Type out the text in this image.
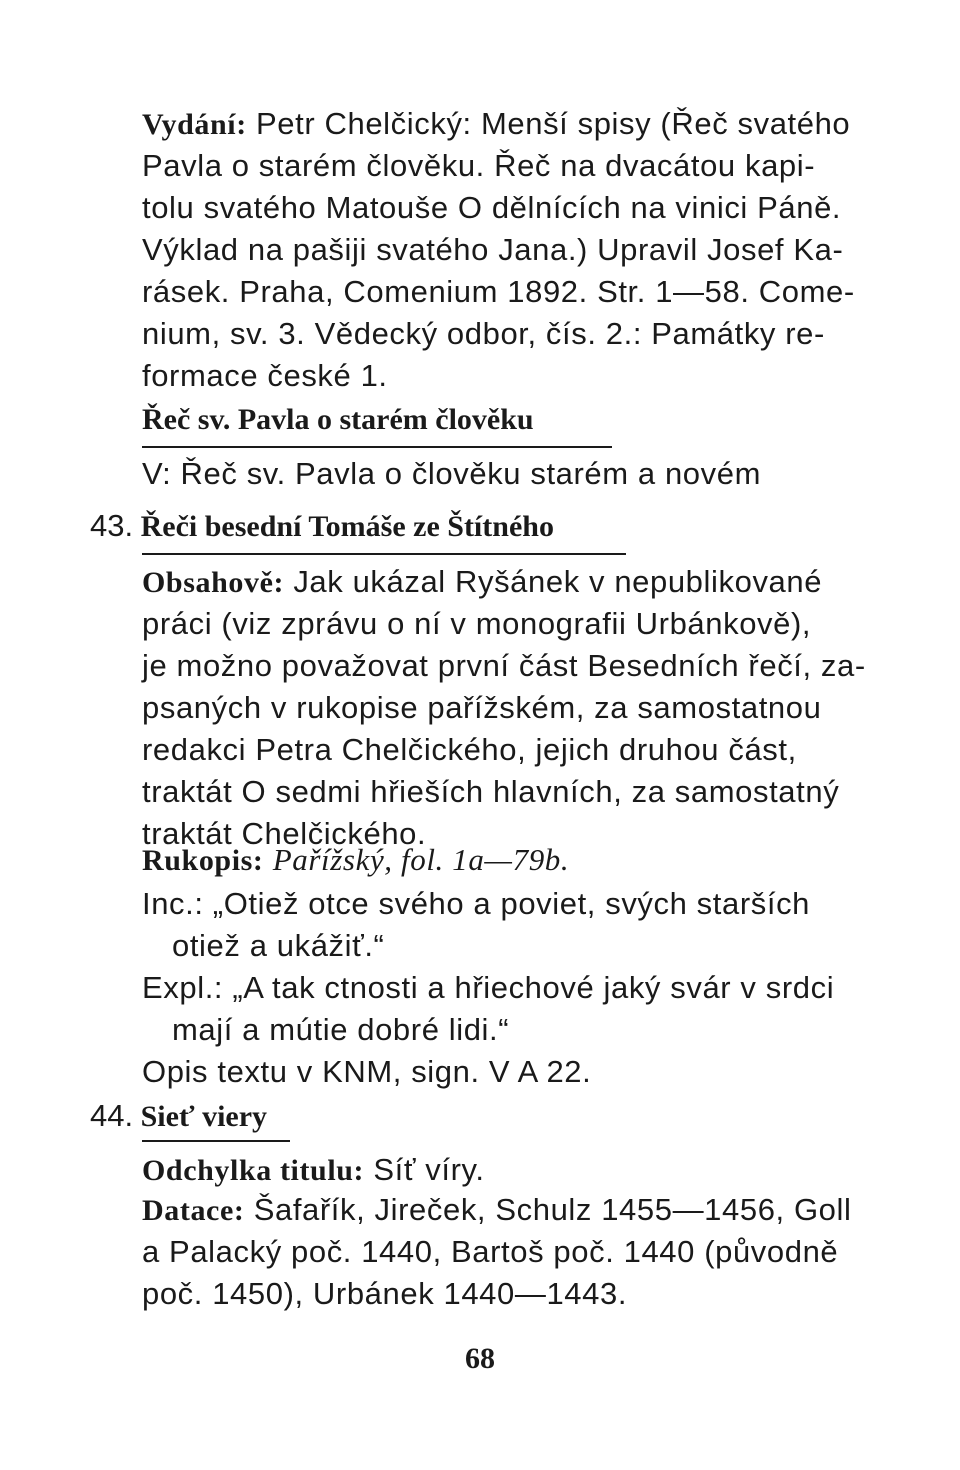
Vydání: Petr Chelčický: Menší spisy (Řeč svatého
Pavla o starém člověku. Řeč na dvacátou kapi-
tolu svatého Matouše O dělnících na vinici Páně.
Výklad na pašiji svatého Jana.) Upravil Josef Ka-
rásek. Praha, Comenium 1892. Str. 1—58. Come-
nium, sv. 3. Vědecký odbor, čís. 2.: Památky re-
formace české 1.
Řeč sv. Pavla o starém člověku
V: Řeč sv. Pavla o člověku starém a novém
43. Řeči besední Tomáše ze Štítného
Obsahově: Jak ukázal Ryšánek v nepublikované
práci (viz zprávu o ní v monografii Urbánkově),
je možno považovat první část Besedních řečí, za-
psaných v rukopise pařížském, za samostatnou
redakci Petra Chelčického, jejich druhou část,
traktát O sedmi hřieších hlavních, za samostatný
traktát Chelčického.
Rukopis: Pařížský, fol. 1a—79b.
Inc.: „Otiež otce svého a poviet, svých starších
otiež a ukážiť.“
Expl.: „A tak ctnosti a hřiechové jaký svár v srdci
mají a mútie dobré lidi.“
Opis textu v KNM, sign. V A 22.
44. Sieť viery
Odchylka titulu: Síť víry.
Datace: Šafařík, Jireček, Schulz 1455—1456, Goll
a Palacký poč. 1440, Bartoš poč. 1440 (původně
poč. 1450), Urbánek 1440—1443.
68
